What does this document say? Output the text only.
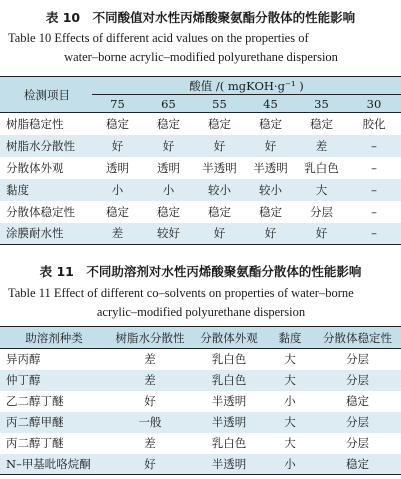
表 10　不同酸值对水性丙烯酸聚氨酯分散体的性能影响
Table 10 Effects of different acid values on the properties of
water–borne acrylic–modified polyurethane dispersion
检测项目	酸值 /( mgKOH·g⁻¹ )					
	75	65	55	45	35	30
树脂稳定性	稳定	稳定	稳定	稳定	稳定	胶化
树脂水分散性	好	好	好	好	差	–
分散体外观	透明	透明	半透明	半透明	乳白色	–
黏度	小	小	较小	较小	大	–
分散体稳定性	稳定	稳定	稳定	稳定	分层	–
涂膜耐水性	差	较好	好	好	好	–
表 11　不同助溶剂对水性丙烯酸聚氨酯分散体的性能影响
Table 11 Effect of different co–solvents on properties of water–borne
acrylic–modified polyurethane dispersion
助溶剂种类	树脂水分散性	分散体外观	黏度	分散体稳定性
异丙醇	差	乳白色	大	分层
仲丁醇	差	乳白色	大	分层
乙二醇丁醚	好	半透明	小	稳定
丙二醇甲醚	一般	半透明	大	分层
丙二醇丁醚	差	乳白色	大	分层
N–甲基吡咯烷酮	好	半透明	小	稳定
